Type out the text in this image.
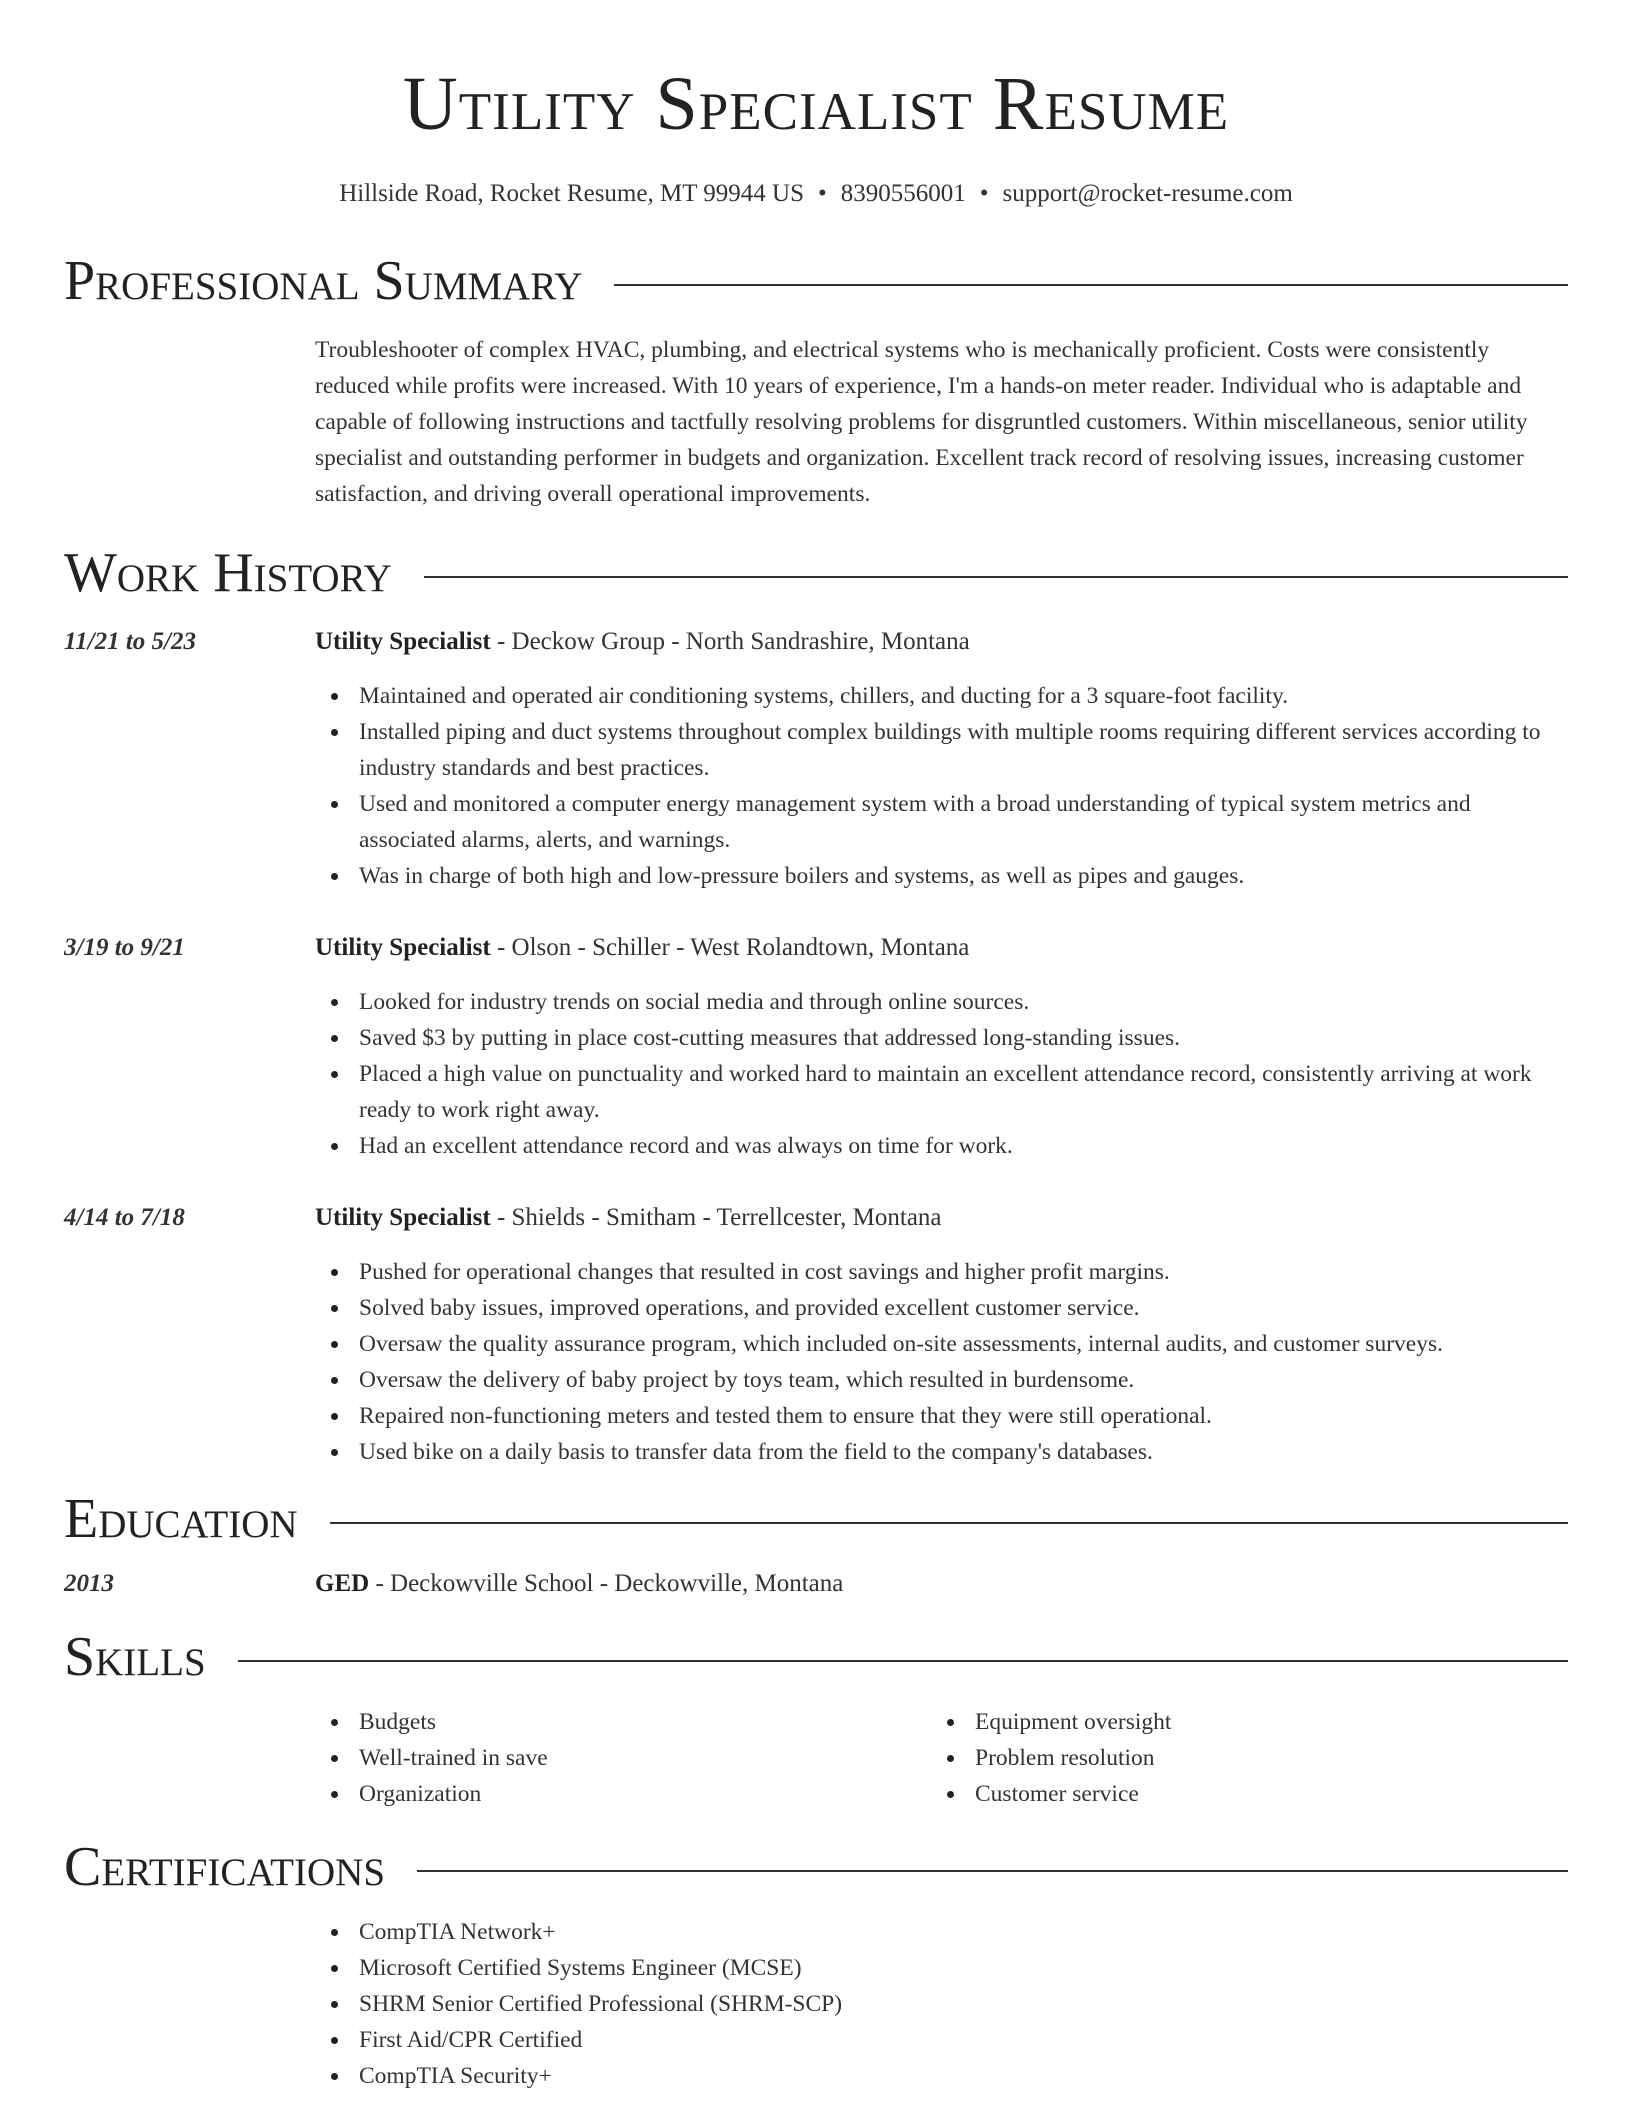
Utility Specialist Resume
Hillside Road, Rocket Resume, MT 99944 US • 8390556001 • support@rocket-resume.com
Professional Summary

Troubleshooter of complex HVAC, plumbing, and electrical systems who is mechanically proficient. Costs were consistently reduced while profits were increased. With 10 years of experience, I'm a hands-on meter reader. Individual who is adaptable and capable of following instructions and tactfully resolving problems for disgruntled customers. Within miscellaneous, senior utility specialist and outstanding performer in budgets and organization. Excellent track record of resolving issues, increasing customer satisfaction, and driving overall operational improvements.

Work History
11/21 to 5/23	Utility Specialist - Deckow Group - North Sandrashire, Montana
Maintained and operated air conditioning systems, chillers, and ducting for a 3 square-foot facility.
Installed piping and duct systems throughout complex buildings with multiple rooms requiring different services according to industry standards and best practices.
Used and monitored a computer energy management system with a broad understanding of typical system metrics and associated alarms, alerts, and warnings.
Was in charge of both high and low-pressure boilers and systems, as well as pipes and gauges.
3/19 to 9/21	Utility Specialist - Olson - Schiller - West Rolandtown, Montana
Looked for industry trends on social media and through online sources.
Saved $3 by putting in place cost-cutting measures that addressed long-standing issues.
Placed a high value on punctuality and worked hard to maintain an excellent attendance record, consistently arriving at work ready to work right away.
Had an excellent attendance record and was always on time for work.
4/14 to 7/18	Utility Specialist - Shields - Smitham - Terrellcester, Montana
Pushed for operational changes that resulted in cost savings and higher profit margins.
Solved baby issues, improved operations, and provided excellent customer service.
Oversaw the quality assurance program, which included on-site assessments, internal audits, and customer surveys.
Oversaw the delivery of baby project by toys team, which resulted in burdensome.
Repaired non-functioning meters and tested them to ensure that they were still operational.
Used bike on a daily basis to transfer data from the field to the company's databases.
Education
2013	GED - Deckowville School - Deckowville, Montana
Skills
Budgets
Well-trained in save
Organization
Equipment oversight
Problem resolution
Customer service
Certifications
CompTIA Network+
Microsoft Certified Systems Engineer (MCSE)
SHRM Senior Certified Professional (SHRM-SCP)
First Aid/CPR Certified
CompTIA Security+
